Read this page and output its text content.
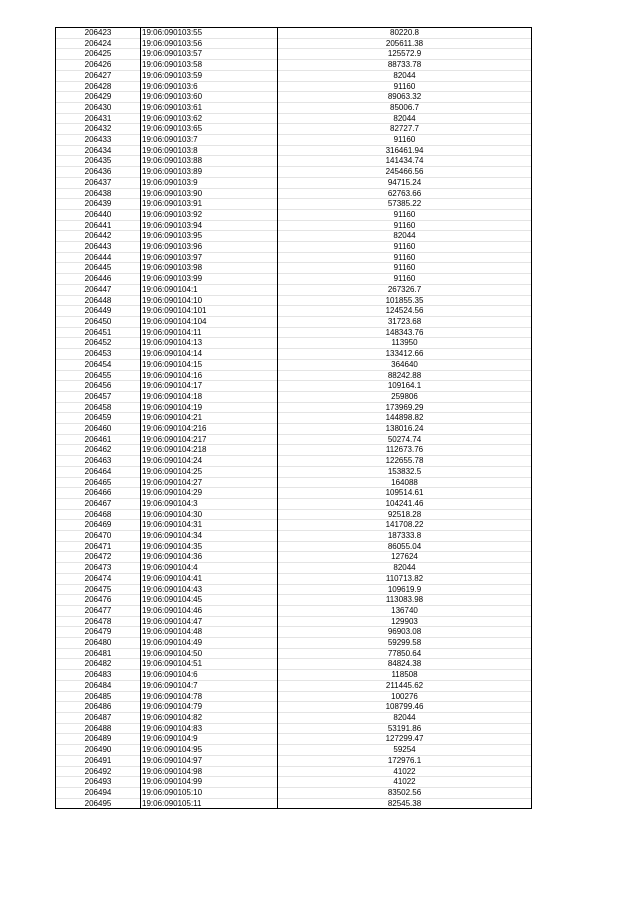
206423	19:06:090103:55	80220.8
206424	19:06:090103:56	205611.38
206425	19:06:090103:57	125572.9
206426	19:06:090103:58	88733.78
206427	19:06:090103:59	82044
206428	19:06:090103:6	91160
206429	19:06:090103:60	89063.32
206430	19:06:090103:61	85006.7
206431	19:06:090103:62	82044
206432	19:06:090103:65	82727.7
206433	19:06:090103:7	91160
206434	19:06:090103:8	316461.94
206435	19:06:090103:88	141434.74
206436	19:06:090103:89	245466.56
206437	19:06:090103:9	94715.24
206438	19:06:090103:90	62763.66
206439	19:06:090103:91	57385.22
206440	19:06:090103:92	91160
206441	19:06:090103:94	91160
206442	19:06:090103:95	82044
206443	19:06:090103:96	91160
206444	19:06:090103:97	91160
206445	19:06:090103:98	91160
206446	19:06:090103:99	91160
206447	19:06:090104:1	267326.7
206448	19:06:090104:10	101855.35
206449	19:06:090104:101	124524.56
206450	19:06:090104:104	31723.68
206451	19:06:090104:11	148343.76
206452	19:06:090104:13	113950
206453	19:06:090104:14	133412.66
206454	19:06:090104:15	364640
206455	19:06:090104:16	88242.88
206456	19:06:090104:17	109164.1
206457	19:06:090104:18	259806
206458	19:06:090104:19	173969.29
206459	19:06:090104:21	144898.82
206460	19:06:090104:216	138016.24
206461	19:06:090104:217	50274.74
206462	19:06:090104:218	112673.76
206463	19:06:090104:24	122655.78
206464	19:06:090104:25	153832.5
206465	19:06:090104:27	164088
206466	19:06:090104:29	109514.61
206467	19:06:090104:3	104241.46
206468	19:06:090104:30	92518.28
206469	19:06:090104:31	141708.22
206470	19:06:090104:34	187333.8
206471	19:06:090104:35	86055.04
206472	19:06:090104:36	127624
206473	19:06:090104:4	82044
206474	19:06:090104:41	110713.82
206475	19:06:090104:43	109619.9
206476	19:06:090104:45	113083.98
206477	19:06:090104:46	136740
206478	19:06:090104:47	129903
206479	19:06:090104:48	96903.08
206480	19:06:090104:49	59299.58
206481	19:06:090104:50	77850.64
206482	19:06:090104:51	84824.38
206483	19:06:090104:6	118508
206484	19:06:090104:7	211445.62
206485	19:06:090104:78	100276
206486	19:06:090104:79	108799.46
206487	19:06:090104:82	82044
206488	19:06:090104:83	53191.86
206489	19:06:090104:9	127299.47
206490	19:06:090104:95	59254
206491	19:06:090104:97	172976.1
206492	19:06:090104:98	41022
206493	19:06:090104:99	41022
206494	19:06:090105:10	83502.56
206495	19:06:090105:11	82545.38
